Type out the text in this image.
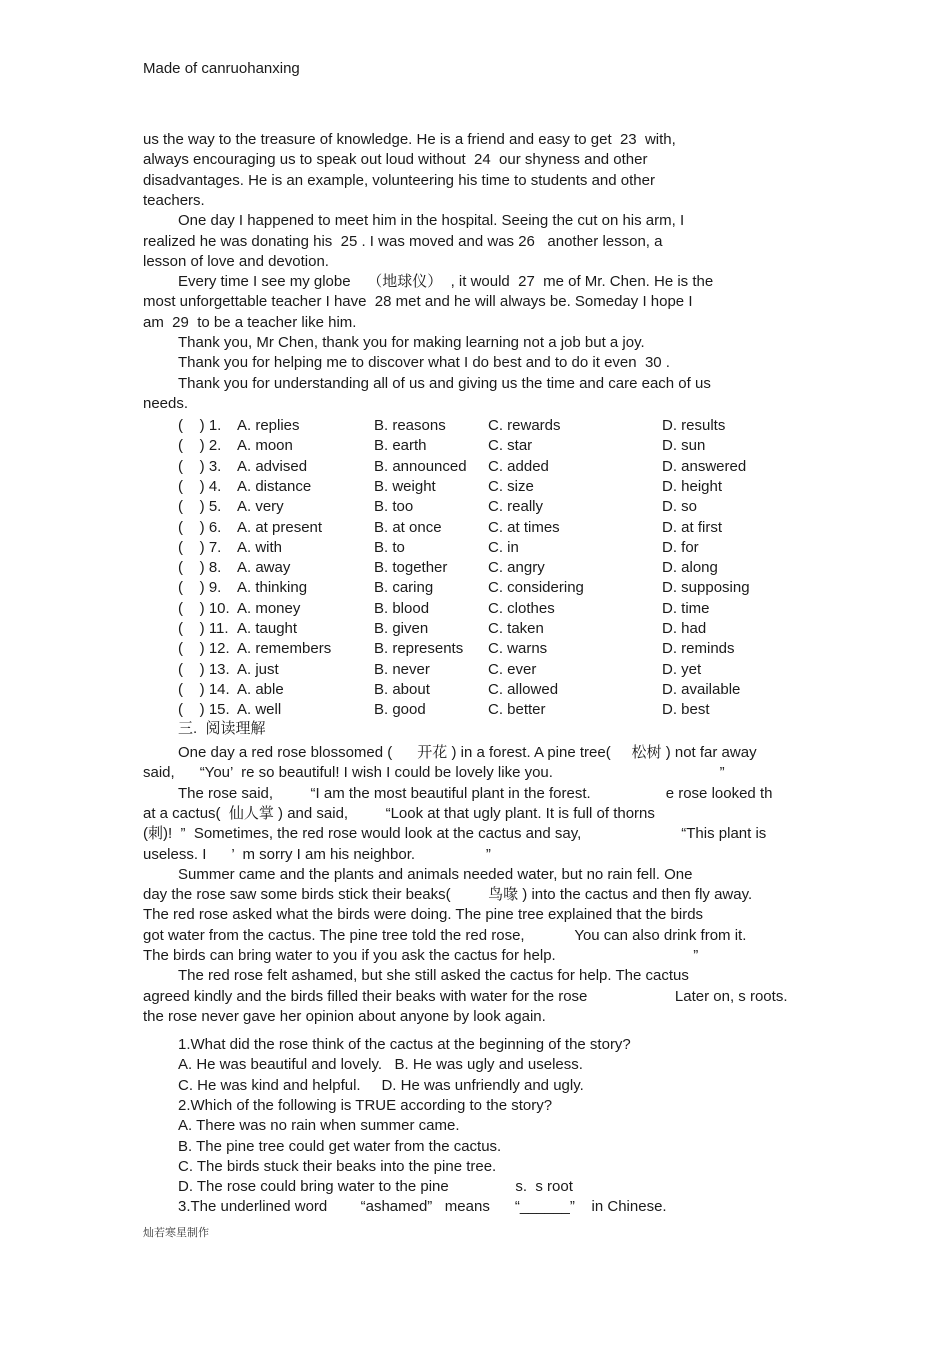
Made of canruohanxing
us the way to the treasure of knowledge. He is a friend and easy to get  23  with,
always encouraging us to speak out loud without  24  our shyness and other
disadvantages. He is an example, volunteering his time to students and other
teachers.
One day I happened to meet him in the hospital. Seeing the cut on his arm, I
realized he was donating his  25 . I was moved and was 26   another lesson, a
lesson of love and devotion.
Every time I see my globe    （地球仪）  , it would  27  me of Mr. Chen. He is the
most unforgettable teacher I have  28 met and he will always be. Someday I hope I
am  29  to be a teacher like him.
Thank you, Mr Chen, thank you for making learning not a job but a joy.
Thank you for helping me to discover what I do best and to do it even  30 .
Thank you for understanding all of us and giving us the time and care each of us
needs.
(    ) 1. A. replies	B. reasons	C. rewards	D. results
(    ) 2. A. moon	B. earth	C. star	D. sun
(    ) 3. A. advised	B. announced C. added	D. answered
(    ) 4. A. distance	B. weight	C. size	D. height
(    ) 5. A. very	B. too	C. really	D. so
(    ) 6. A. at present	B. at once	C. at times	D. at first
(    ) 7. A. with	B. to	C. in	D. for
(    ) 8. A. away	B. together	C. angry	D. along
(    ) 9. A. thinking	B. caring	C. considering	D. supposing
(    ) 10. A. money	B. blood	C. clothes	D. time
(    ) 11. A. taught	B. given	C. taken	D. had
(    ) 12. A. remembers	B. represents C. warns	D. reminds
(    ) 13. A. just	B. never	C. ever	D. yet
(    ) 14. A. able	B. about	C. allowed	D. available
(    ) 15. A. well	B. good	C. better	D. best
三.  阅读理解
One day a red rose blossomed (      开花 ) in a forest. A pine tree(     松树 ) not far away
said,      “You’  re so beautiful! I wish I could be lovely like you.                                        ”
The rose said,         “I am the most beautiful plant in the forest.                  e rose looked th
at a cactus(  仙人掌 ) and said,         “Look at that ugly plant. It is full of thorns
(刺)!  ”  Sometimes, the red rose would look at the cactus and say,                        “This plant is
useless. I      ’  m sorry I am his neighbor.                 ”
Summer came and the plants and animals needed water, but no rain fell. One
day the rose saw some birds stick their beaks(         鸟喙 ) into the cactus and then fly away.
The red rose asked what the birds were doing. The pine tree explained that the birds
got water from the cactus. The pine tree told the red rose,            You can also drink from it.
The birds can bring water to you if you ask the cactus for help.                                 ”
The red rose felt ashamed, but she still asked the cactus for help. The cactus
agreed kindly and the birds filled their beaks with water for the rose                     Later on, s roots.
the rose never gave her opinion about anyone by look again.
1.What did the rose think of the cactus at the beginning of the story?
A. He was beautiful and lovely.   B. He was ugly and useless.
C. He was kind and helpful.     D. He was unfriendly and ugly.
2.Which of the following is TRUE according to the story?
A. There was no rain when summer came.
B. The pine tree could get water from the cactus.
C. The birds stuck their beaks into the pine tree.
D. The rose could bring water to the pine                s.  s root
3.The underlined word        “ashamed”   means      “______”    in Chinese.
灿若寒星制作
